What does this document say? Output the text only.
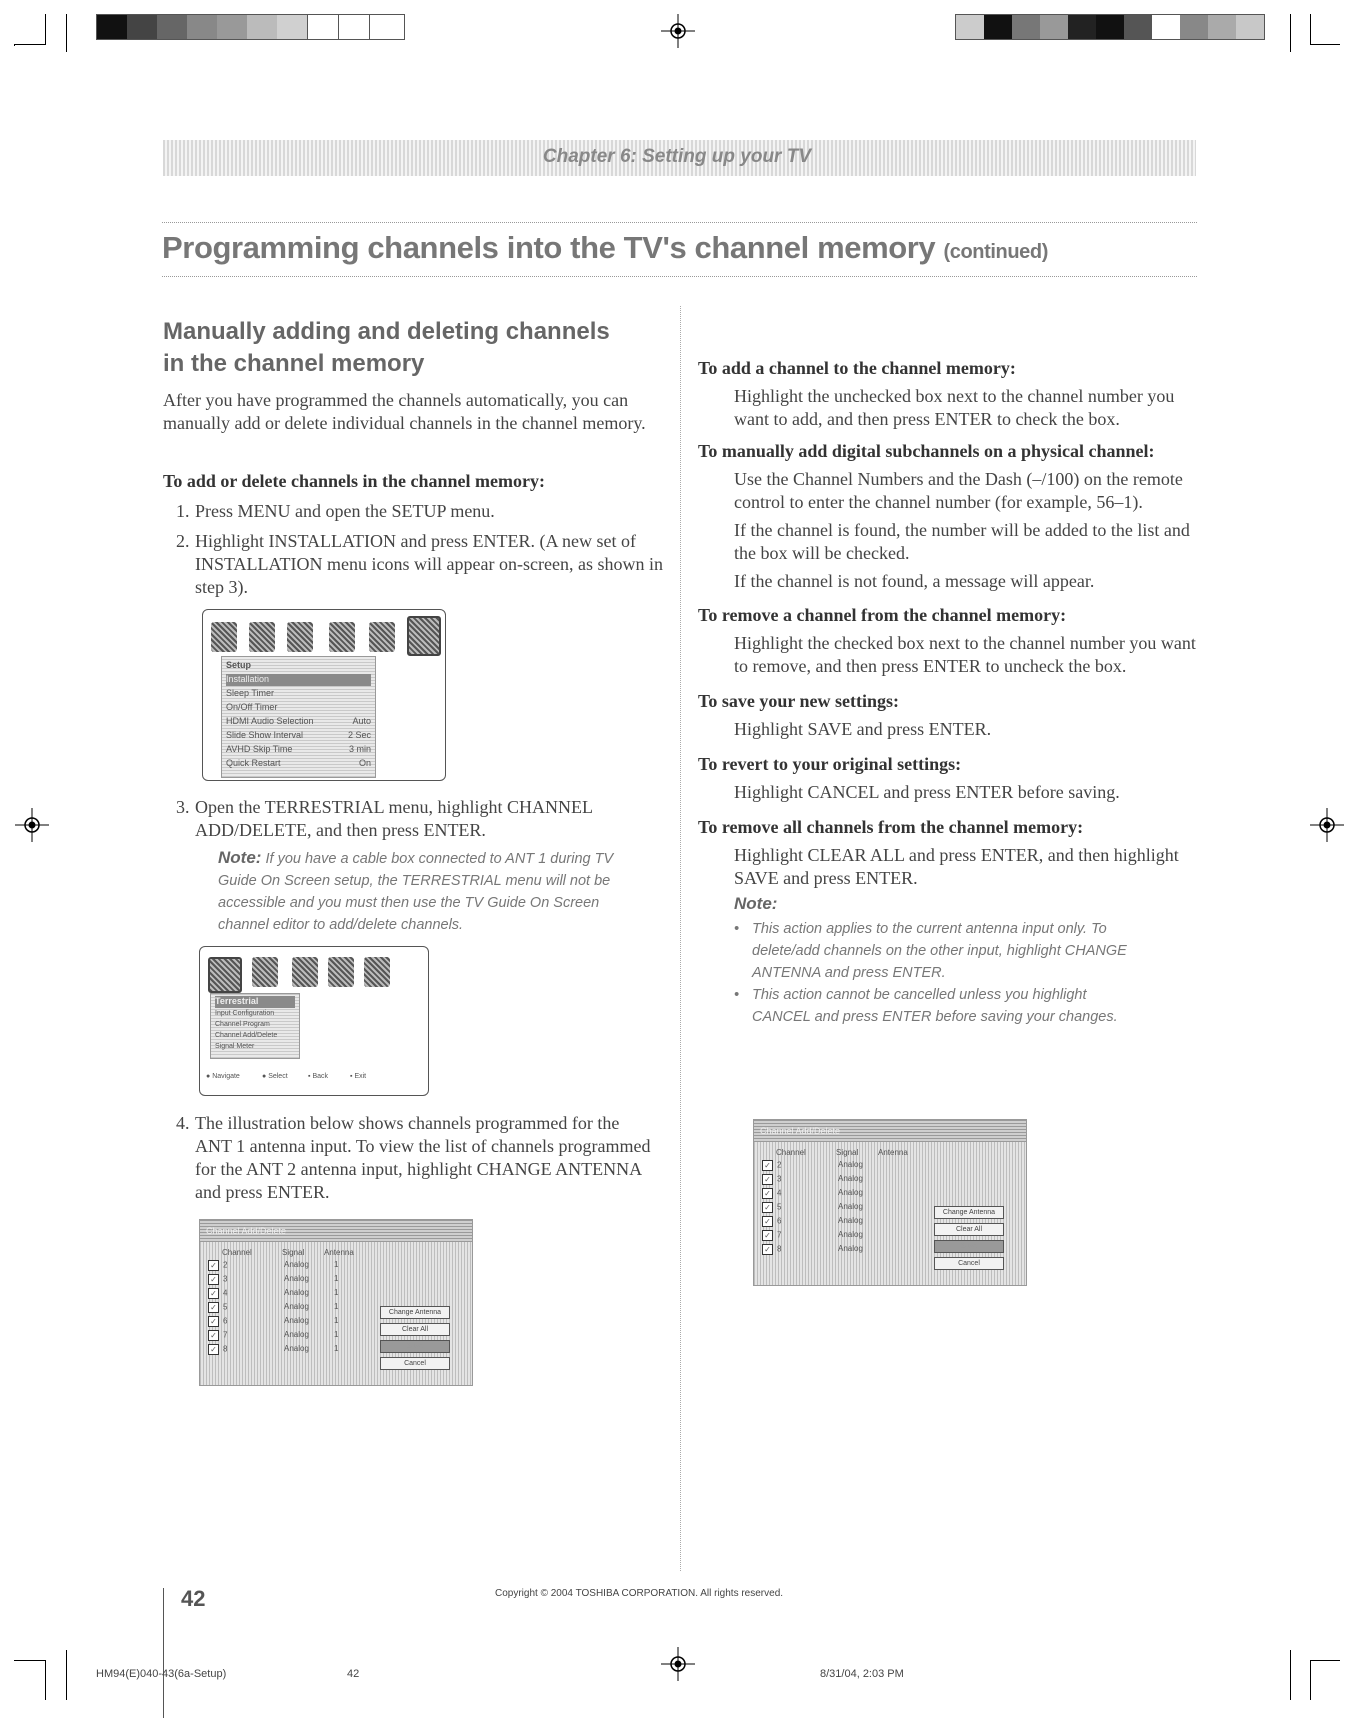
Chapter 6: Setting up your TV
Programming channels into the TV's channel memory (continued)
Manually adding and deleting channels
in the channel memory
After you have programmed the channels automatically, you can manually add or delete individual channels in the channel memory.
To add or delete channels in the channel memory:
1. Press MENU and open the SETUP menu.
2. Highlight INSTALLATION and press ENTER. (A new set of INSTALLATION menu icons will appear on-screen, as shown in step 3).
Setup
Installation
Sleep Timer
On/Off Timer
HDMI Audio Selection	Auto
Slide Show Interval	2 Sec
AVHD Skip Time	3 min
Quick Restart	On
3. Open the TERRESTRIAL menu, highlight CHANNEL ADD/DELETE, and then press ENTER.
Note: If you have a cable box connected to ANT 1 during TV Guide On Screen setup, the TERRESTRIAL menu will not be accessible and you must then use the TV Guide On Screen channel editor to add/delete channels.
Terrestrial
Input Configuration
Channel Program
Channel Add/Delete
Signal Meter
● Navigate	● Select	▪ Back	▪ Exit
4. The illustration below shows channels programmed for the ANT 1 antenna input. To view the list of channels programmed for the ANT 2 antenna input, highlight CHANGE ANTENNA and press ENTER.
Channel Add/Delete
Channel	Signal Antenna
✓ 2	Analog	1
✓ 3	Analog	1
✓ 4	Analog	1
✓ 5	Analog	1
✓ 6	Analog	1
✓ 7	Analog	1
✓ 8	Analog	1
Change Antenna
Clear All
Save
Cancel
To add a channel to the channel memory:
Highlight the unchecked box next to the channel number you want to add, and then press ENTER to check the box.
To manually add digital subchannels on a physical channel:
Use the Channel Numbers and the Dash (–/100) on the remote control to enter the channel number (for example, 56–1).
If the channel is found, the number will be added to the list and the box will be checked.
If the channel is not found, a message will appear.
To remove a channel from the channel memory:
Highlight the checked box next to the channel number you want to remove, and then press ENTER to uncheck the box.
To save your new settings:
Highlight SAVE and press ENTER.
To revert to your original settings:
Highlight CANCEL and press ENTER before saving.
To remove all channels from the channel memory:
Highlight CLEAR ALL and press ENTER, and then highlight SAVE and press ENTER.
Note:
• This action applies to the current antenna input only. To delete/add channels on the other input, highlight CHANGE ANTENNA and press ENTER.
• This action cannot be cancelled unless you highlight CANCEL and press ENTER before saving your changes.
Channel Add/Delete
Channel	Signal Antenna
✓ 2	Analog
✓ 3	Analog
✓ 4	Analog
✓ 5	Analog
✓ 6	Analog
✓ 7	Analog
✓ 8	Analog
Change Antenna
Clear All
Save
Cancel
42	Copyright © 2004 TOSHIBA CORPORATION. All rights reserved.
HM94(E)040-43(6a-Setup)	42	8/31/04, 2:03 PM
